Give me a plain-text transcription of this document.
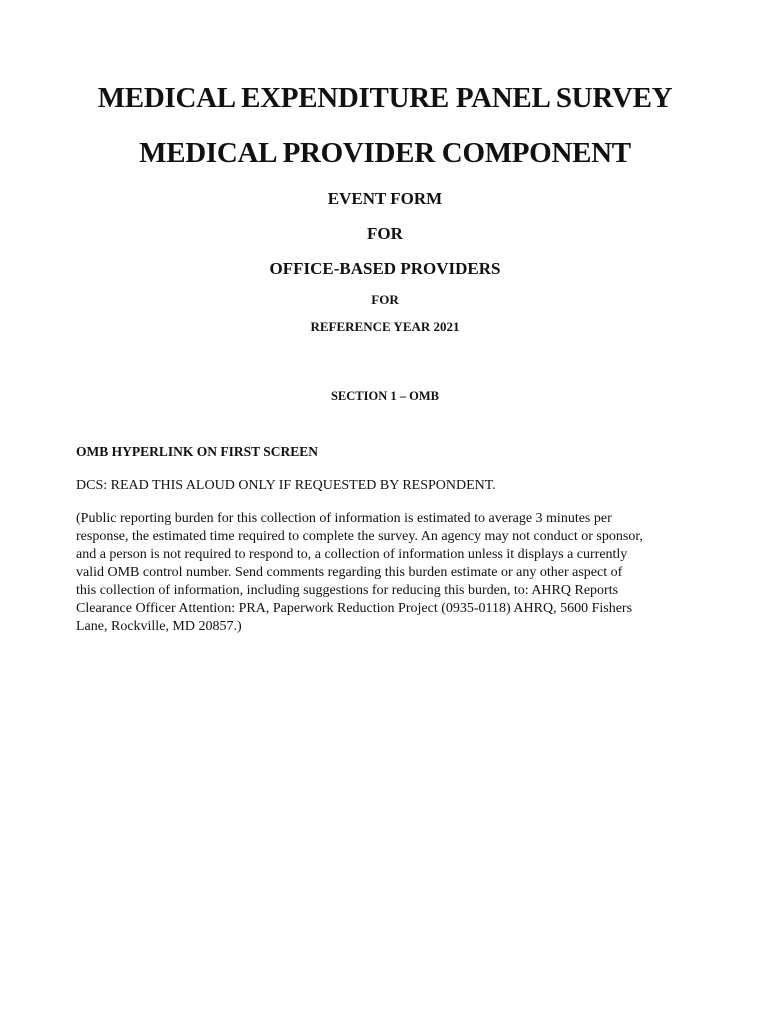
MEDICAL EXPENDITURE PANEL SURVEY
MEDICAL PROVIDER COMPONENT
EVENT FORM
FOR
OFFICE-BASED PROVIDERS
FOR
REFERENCE YEAR 2021
SECTION 1 – OMB
OMB HYPERLINK ON FIRST SCREEN
DCS: READ THIS ALOUD ONLY IF REQUESTED BY RESPONDENT.
(Public reporting burden for this collection of information is estimated to average 3 minutes per
response, the estimated time required to complete the survey. An agency may not conduct or sponsor,
and a person is not required to respond to, a collection of information unless it displays a currently
valid OMB control number. Send comments regarding this burden estimate or any other aspect of
this collection of information, including suggestions for reducing this burden, to: AHRQ Reports
Clearance Officer Attention: PRA, Paperwork Reduction Project (0935-0118) AHRQ, 5600 Fishers
Lane, Rockville, MD 20857.)
